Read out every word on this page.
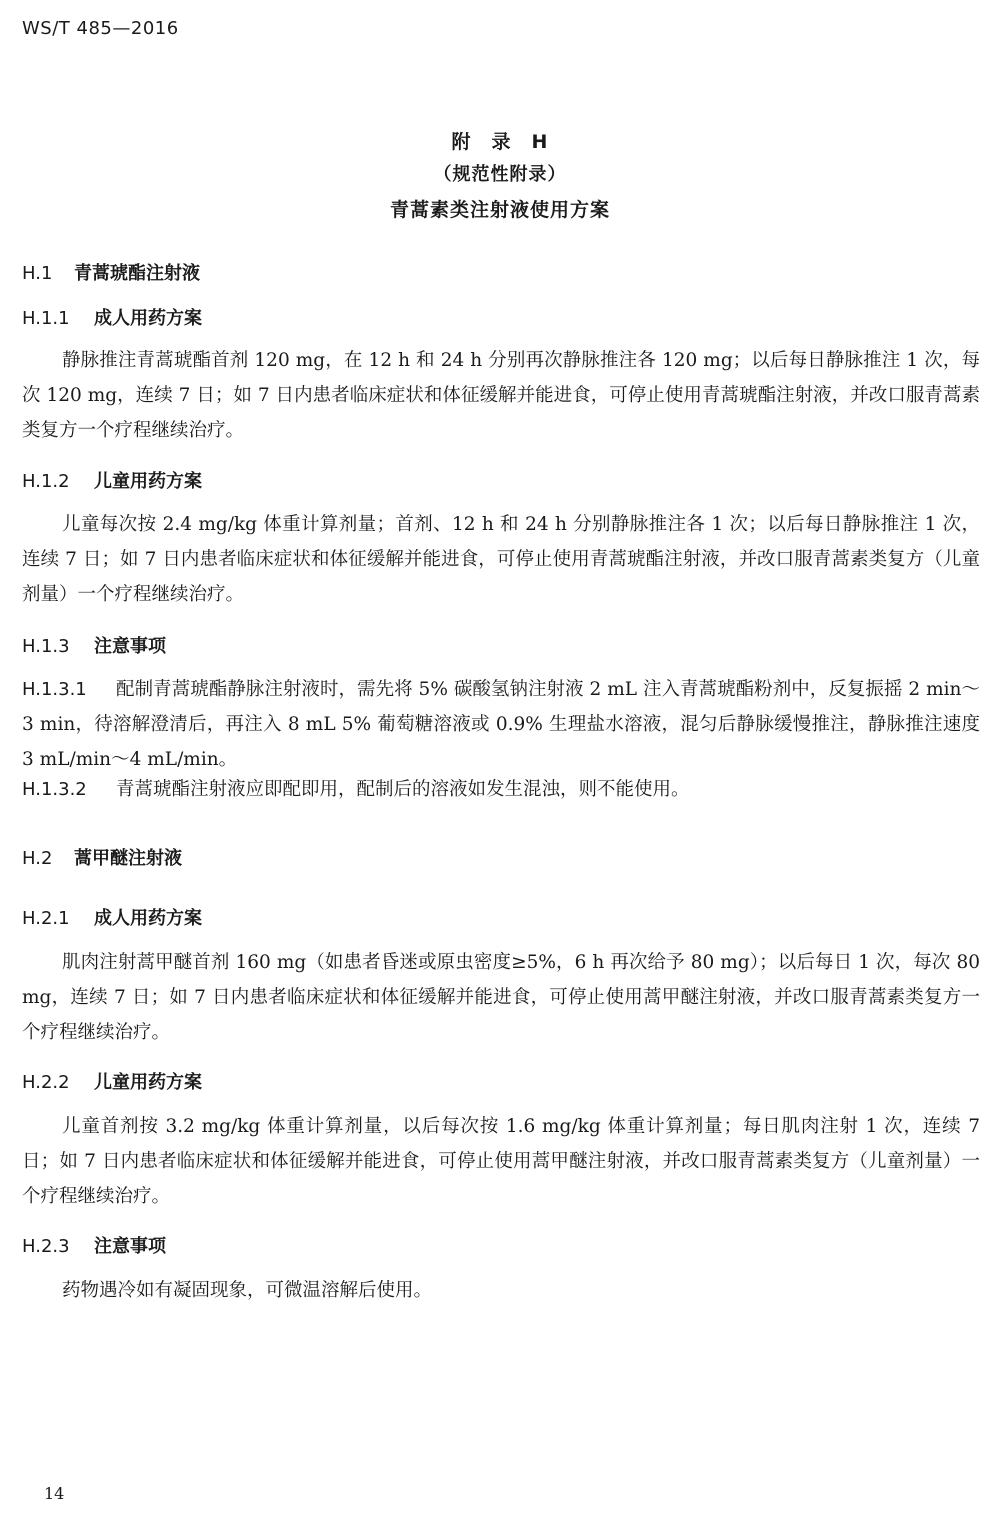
WS/T 485—2016
附　录　H
（规范性附录）
青蒿素类注射液使用方案
H.1 青蒿琥酯注射液
H.1.1 成人用药方案
静脉推注青蒿琥酯首剂 120 mg，在 12 h 和 24 h 分别再次静脉推注各 120 mg；以后每日静脉推注 1 次，每次 120 mg，连续 7 日；如 7 日内患者临床症状和体征缓解并能进食，可停止使用青蒿琥酯注射液，并改口服青蒿素类复方一个疗程继续治疗。
H.1.2 儿童用药方案
儿童每次按 2.4 mg/kg 体重计算剂量；首剂、12 h 和 24 h 分别静脉推注各 1 次；以后每日静脉推注 1 次，连续 7 日；如 7 日内患者临床症状和体征缓解并能进食，可停止使用青蒿琥酯注射液，并改口服青蒿素类复方（儿童剂量）一个疗程继续治疗。
H.1.3 注意事项
H.1.3.1 配制青蒿琥酯静脉注射液时，需先将 5% 碳酸氢钠注射液 2 mL 注入青蒿琥酯粉剂中，反复振摇 2 min～3 min，待溶解澄清后，再注入 8 mL 5% 葡萄糖溶液或 0.9% 生理盐水溶液，混匀后静脉缓慢推注，静脉推注速度 3 mL/min～4 mL/min。
H.1.3.2 青蒿琥酯注射液应即配即用，配制后的溶液如发生混浊，则不能使用。
H.2 蒿甲醚注射液
H.2.1 成人用药方案
肌肉注射蒿甲醚首剂 160 mg（如患者昏迷或原虫密度≥5%，6 h 再次给予 80 mg）；以后每日 1 次，每次 80 mg，连续 7 日；如 7 日内患者临床症状和体征缓解并能进食，可停止使用蒿甲醚注射液，并改口服青蒿素类复方一个疗程继续治疗。
H.2.2 儿童用药方案
儿童首剂按 3.2 mg/kg 体重计算剂量，以后每次按 1.6 mg/kg 体重计算剂量；每日肌肉注射 1 次，连续 7 日；如 7 日内患者临床症状和体征缓解并能进食，可停止使用蒿甲醚注射液，并改口服青蒿素类复方（儿童剂量）一个疗程继续治疗。
H.2.3 注意事项
药物遇冷如有凝固现象，可微温溶解后使用。
14
